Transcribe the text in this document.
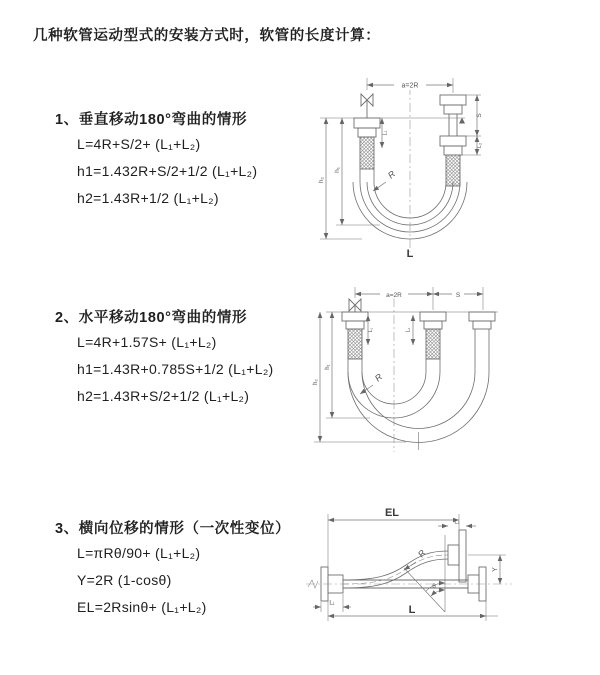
几种软管运动型式的安装方式时，软管的长度计算：
1、垂直移动180°弯曲的情形
L=4R+S/2+ (L₁+L₂)
h1=1.432R+S/2+1/2 (L₁+L₂)
h2=1.43R+1/2 (L₁+L₂)
2、水平移动180°弯曲的情形
L=4R+1.57S+ (L₁+L₂)
h1=1.43R+0.785S+1/2 (L₁+L₂)
h2=1.43R+S/2+1/2 (L₁+L₂)
3、横向位移的情形（一次性变位）
L=πRθ/90+ (L₁+L₂)
Y=2R (1-cosθ)
EL=2Rsinθ+ (L₁+L₂)
a=2R
h₁
h₂
L₁
S
L₂
R
L
a=2R	S
h₁
h₂
L₁	L₂
R
EL
L₁
Y
R
θ
L₁
L
